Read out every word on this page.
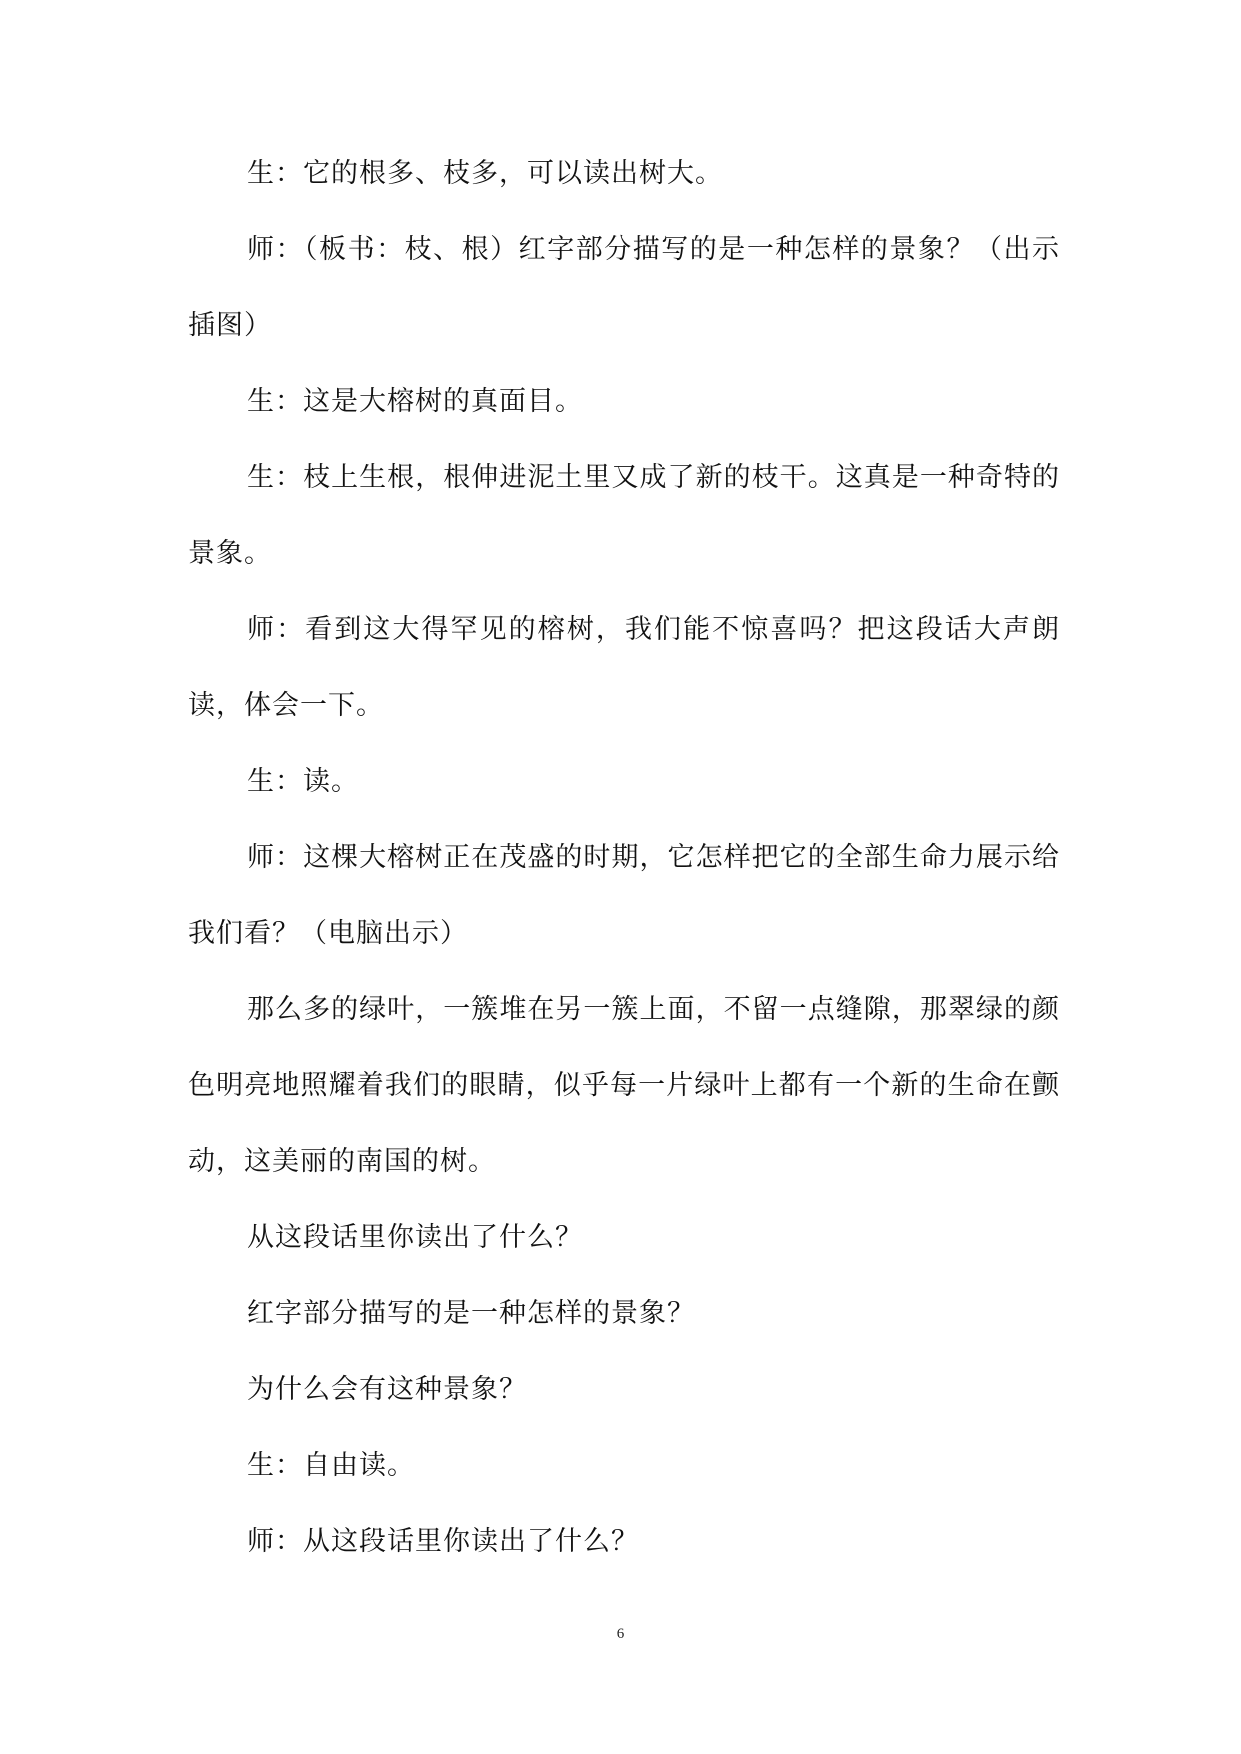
生：它的根多、枝多，可以读出树大。

师：（板书：枝、根）红字部分描写的是一种怎样的景象？（出示插图）

生：这是大榕树的真面目。

生：枝上生根，根伸进泥土里又成了新的枝干。这真是一种奇特的景象。

师：看到这大得罕见的榕树，我们能不惊喜吗？把这段话大声朗读，体会一下。

生：读。

师：这棵大榕树正在茂盛的时期，它怎样把它的全部生命力展示给我们看？（电脑出示）

那么多的绿叶，一簇堆在另一簇上面，不留一点缝隙，那翠绿的颜色明亮地照耀着我们的眼睛，似乎每一片绿叶上都有一个新的生命在颤动，这美丽的南国的树。

从这段话里你读出了什么？

红字部分描写的是一种怎样的景象？

为什么会有这种景象？

生：自由读。

师：从这段话里你读出了什么？

6
